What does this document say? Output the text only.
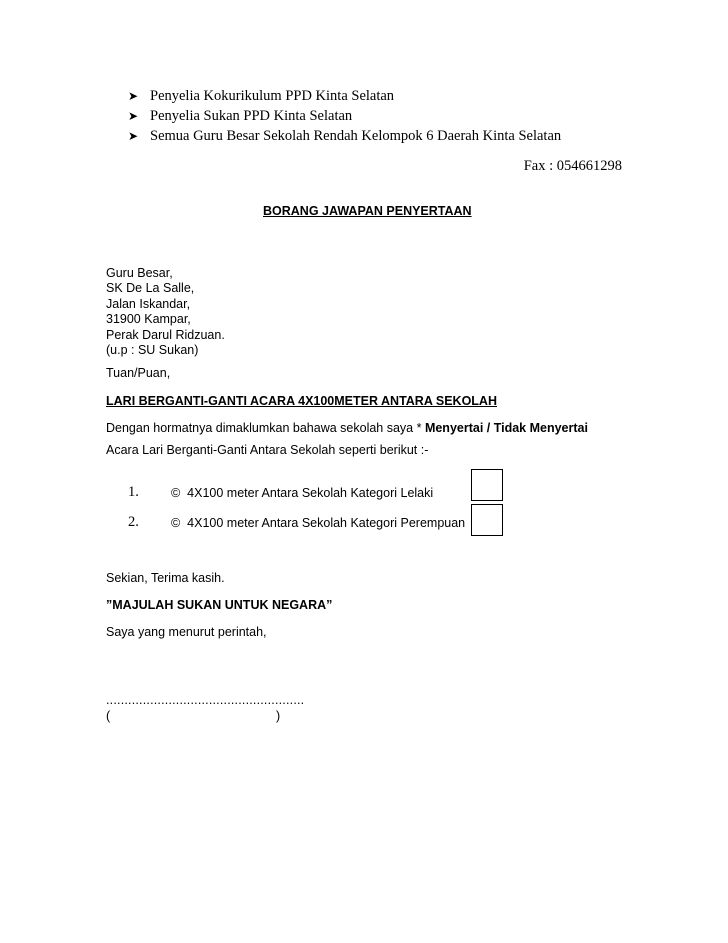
➤ Penyelia Kokurikulum PPD Kinta Selatan
➤ Penyelia Sukan PPD Kinta Selatan
➤ Semua Guru Besar Sekolah Rendah Kelompok 6 Daerah Kinta Selatan
Fax : 054661298
BORANG JAWAPAN PENYERTAAN
Guru Besar,
SK De La Salle,
Jalan Iskandar,
31900 Kampar,
Perak Darul Ridzuan.
(u.p : SU Sukan)
Tuan/Puan,
LARI BERGANTI-GANTI ACARA 4X100METER ANTARA SEKOLAH
Dengan hormatnya dimaklumkan bahawa sekolah saya * Menyertai / Tidak Menyertai
Acara Lari Berganti-Ganti Antara Sekolah seperti berikut :-
1.	© 4X100 meter Antara Sekolah Kategori Lelaki
2.	© 4X100 meter Antara Sekolah Kategori Perempuan
Sekian, Terima kasih.
”MAJULAH SUKAN UNTUK NEGARA”
Saya yang menurut perintah,
......................................................
(	)
